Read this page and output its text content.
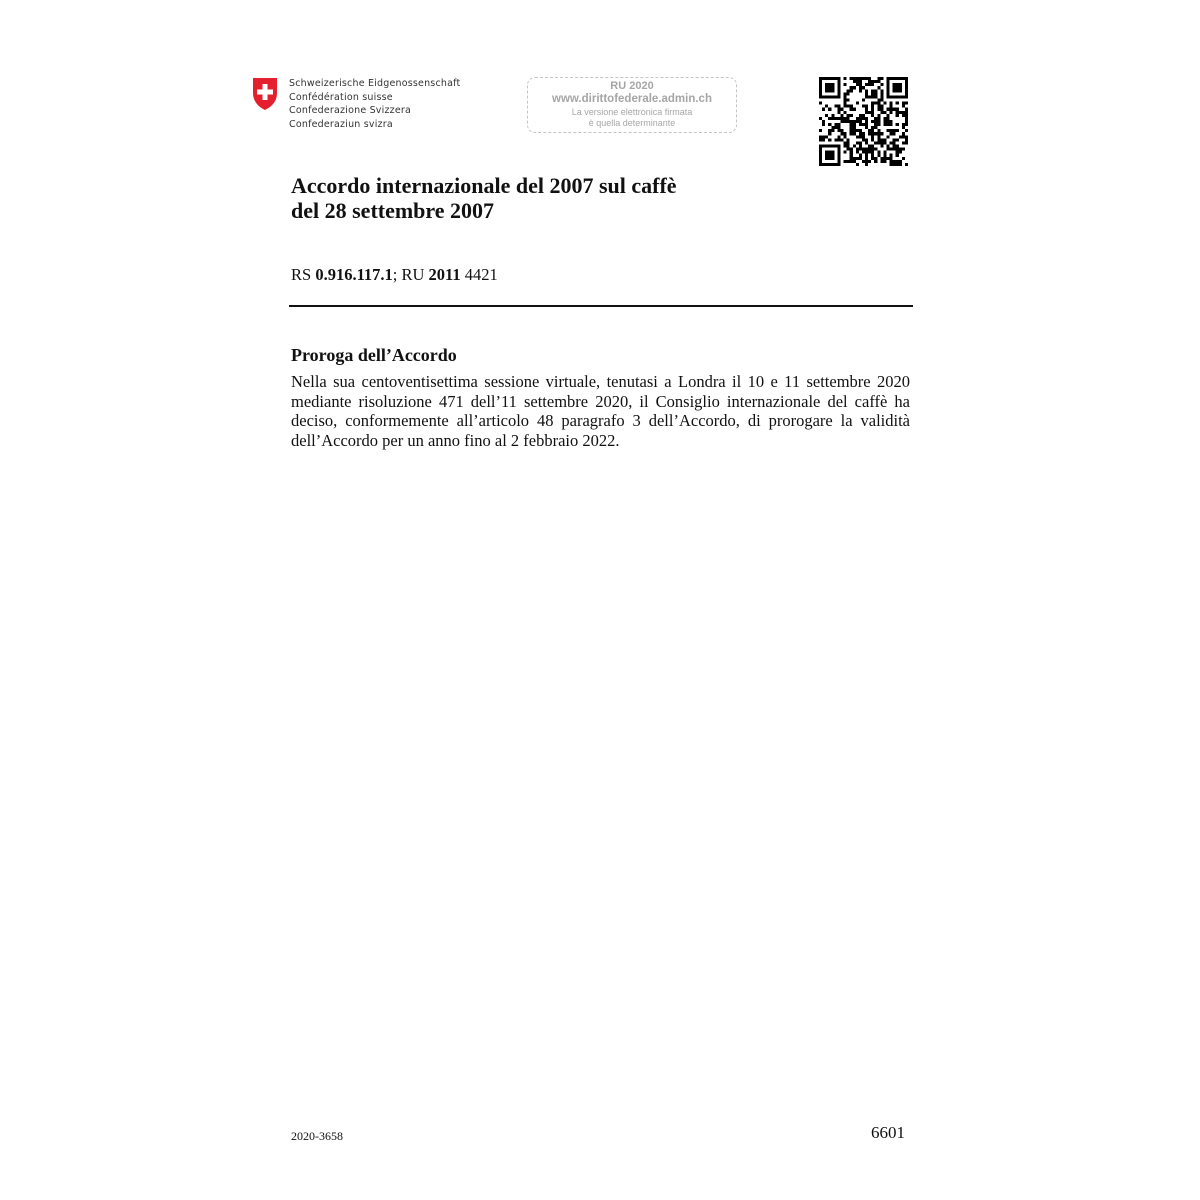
Schweizerische Eidgenossenschaft
Confédération suisse
Confederazione Svizzera
Confederaziun svizra
RU 2020
www.dirittofederale.admin.ch
La versione elettronica firmata
è quella determinante
Accordo internazionale del 2007 sul caffè
del 28 settembre 2007
RS 0.916.117.1; RU 2011 4421
Proroga dell’Accordo

Nella sua centoventisettima sessione virtuale, tenutasi a Londra il 10 e 11 settembre 2020 mediante risoluzione 471 dell’11 settembre 2020, il Consiglio internazionale del caffè ha deciso, conformemente all’articolo 48 paragrafo 3 dell’Accordo, di prorogare la validità dell’Accordo per un anno fino al 2 febbraio 2022.

2020-3658	6601
